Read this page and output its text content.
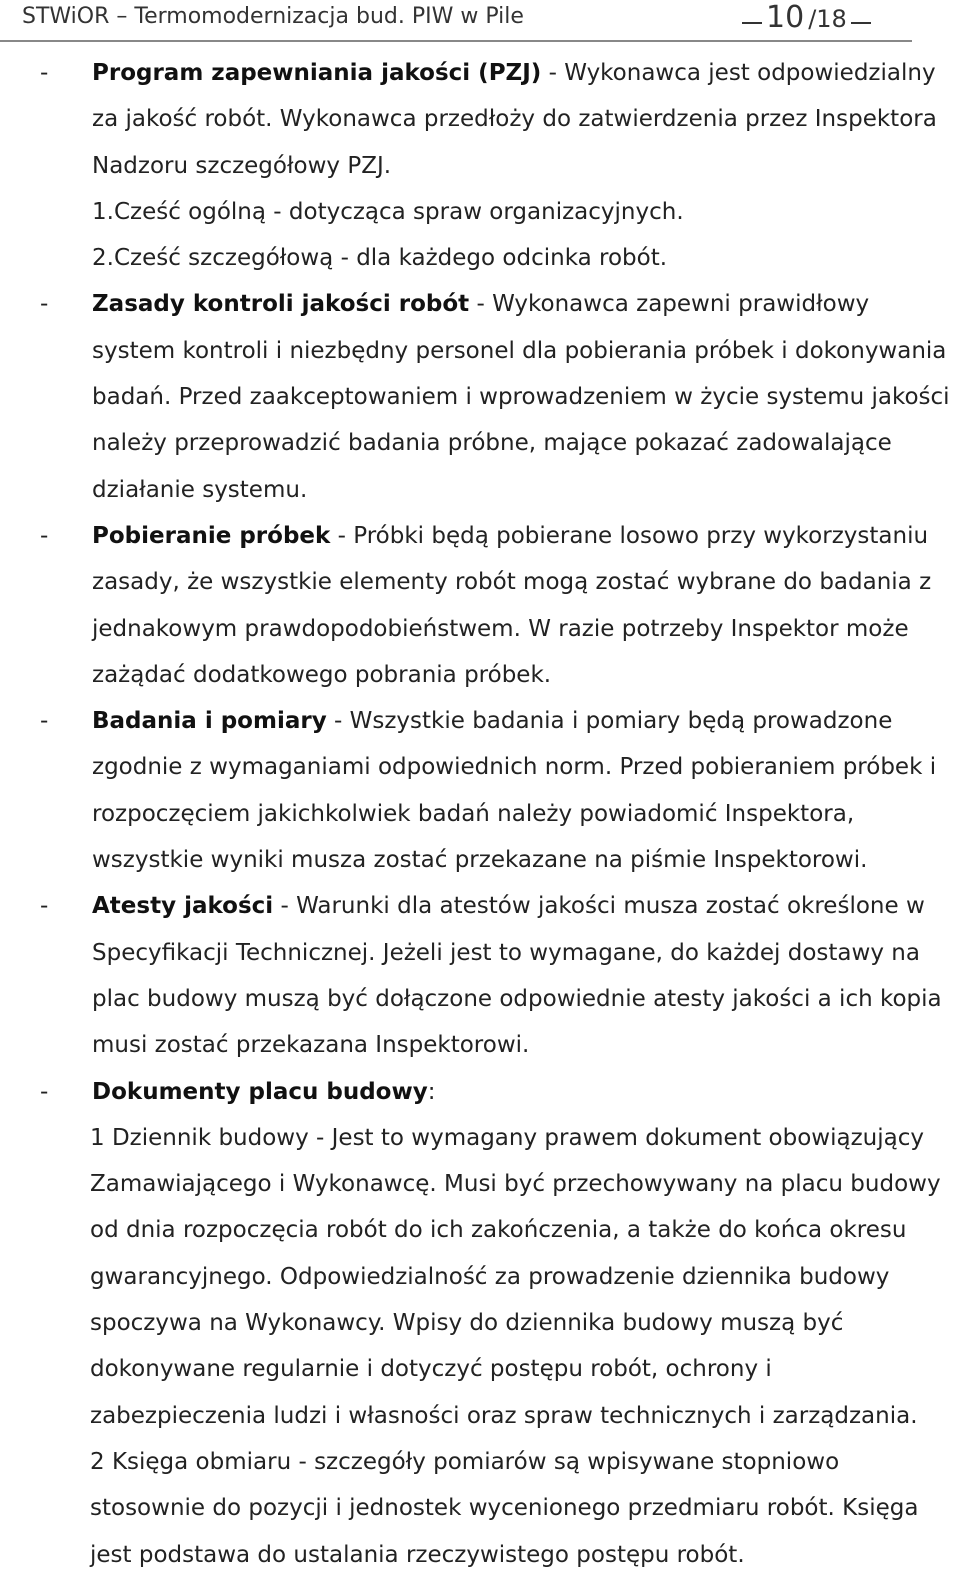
STWiOR – Termomodernizacja bud. PIW w Pile	10 /18
- Program zapewniania jakości (PZJ) - Wykonawca jest odpowiedzialny za jakość robót. Wykonawca przedłoży do zatwierdzenia przez Inspektora Nadzoru szczegółowy PZJ.
1.Cześć ogólną - dotycząca spraw organizacyjnych.
2.Cześć szczegółową - dla każdego odcinka robót.
- Zasady kontroli jakości robót - Wykonawca zapewni prawidłowy system kontroli i niezbędny personel dla pobierania próbek i dokonywania badań. Przed zaakceptowaniem i wprowadzeniem w życie systemu jakości należy przeprowadzić badania próbne, mające pokazać zadowalające działanie systemu.
- Pobieranie próbek - Próbki będą pobierane losowo przy wykorzystaniu zasady, że wszystkie elementy robót mogą zostać wybrane do badania z jednakowym prawdopodobieństwem. W razie potrzeby Inspektor może zażądać dodatkowego pobrania próbek.
- Badania i pomiary - Wszystkie badania i pomiary będą prowadzone zgodnie z wymaganiami odpowiednich norm. Przed pobieraniem próbek i rozpoczęciem jakichkolwiek badań należy powiadomić Inspektora, wszystkie wyniki musza zostać przekazane na piśmie Inspektorowi.
- Atesty jakości - Warunki dla atestów jakości musza zostać określone w Specyfikacji Technicznej. Jeżeli jest to wymagane, do każdej dostawy na plac budowy muszą być dołączone odpowiednie atesty jakości a ich kopia musi zostać przekazana Inspektorowi.
- Dokumenty placu budowy:
1 Dziennik budowy - Jest to wymagany prawem dokument obowiązujący Zamawiającego i Wykonawcę. Musi być przechowywany na placu budowy od dnia rozpoczęcia robót do ich zakończenia, a także do końca okresu gwarancyjnego. Odpowiedzialność za prowadzenie dziennika budowy spoczywa na Wykonawcy. Wpisy do dziennika budowy muszą być dokonywane regularnie i dotyczyć postępu robót, ochrony i zabezpieczenia ludzi i własności oraz spraw technicznych i zarządzania.
2 Księga obmiaru - szczegóły pomiarów są wpisywane stopniowo stosownie do pozycji i jednostek wycenionego przedmiaru robót. Księga jest podstawa do ustalania rzeczywistego postępu robót.
